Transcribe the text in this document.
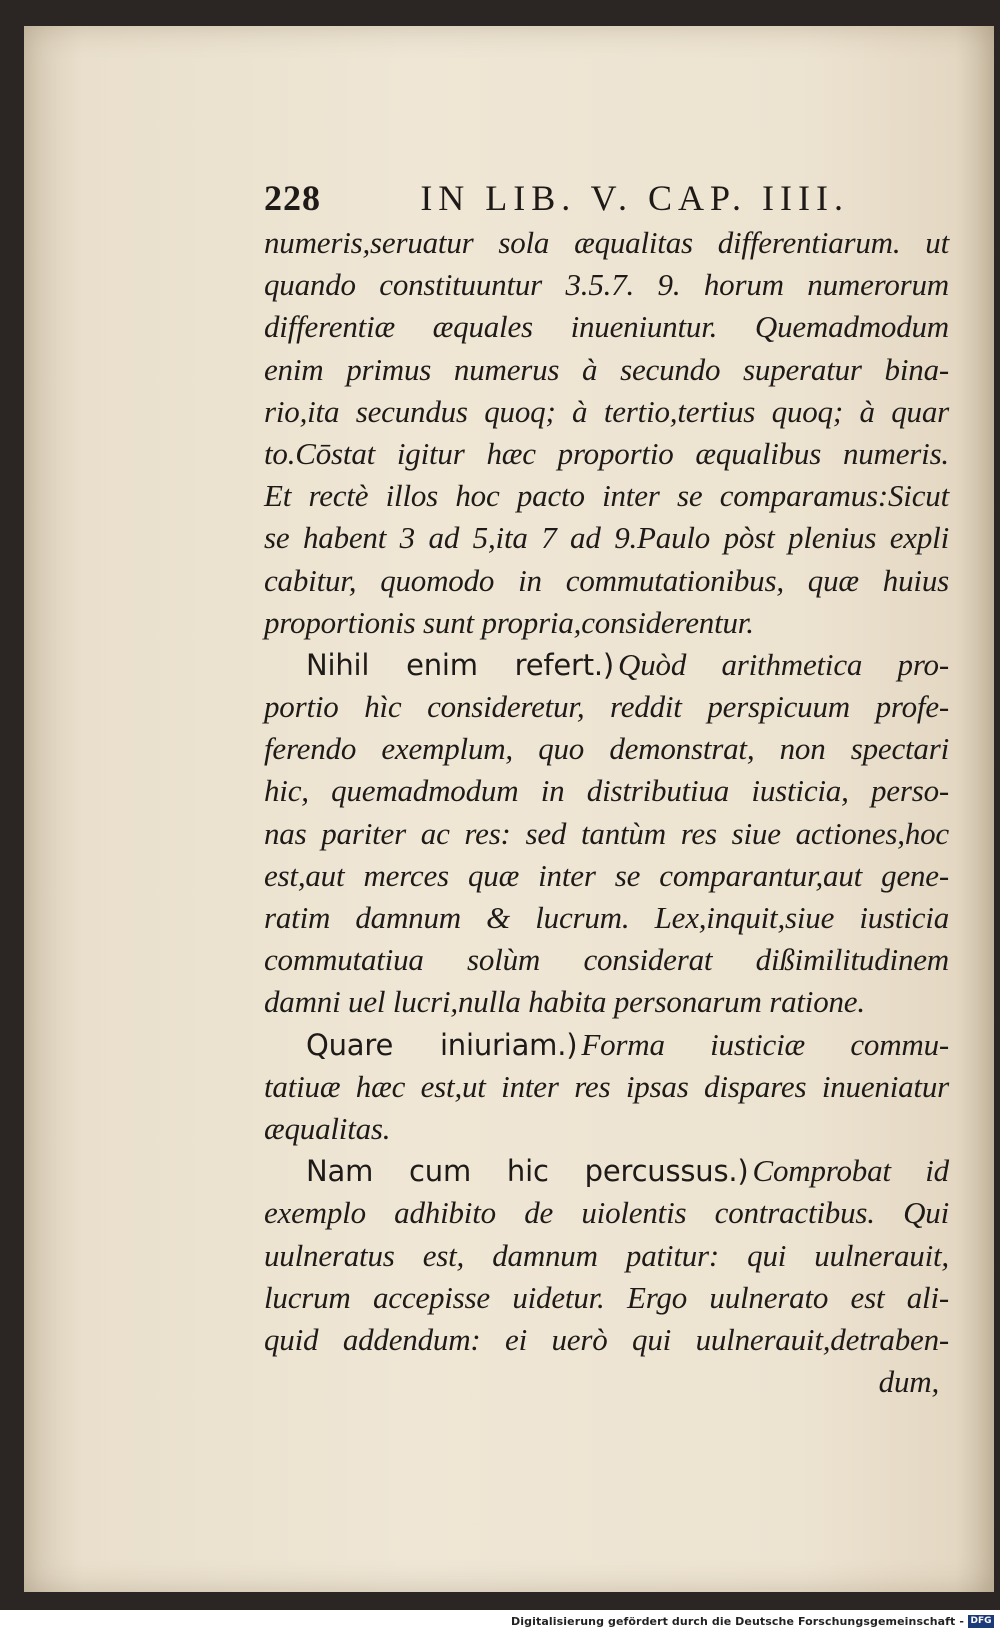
228	IN LIB. V. CAP. IIII.
numeris,seruatur sola æqualitas differentiarum. ut
quando constituuntur 3.5.7. 9. horum numerorum
differentiæ æquales inueniuntur. Quemadmodum
enim primus numerus à secundo superatur bina-
rio,ita secundus quoq; à tertio,tertius quoq; à quar
to.Cōstat igitur hæc proportio æqualibus numeris.
Et rectè illos hoc pacto inter se comparamus:Sicut
se habent 3 ad 5,ita 7 ad 9.Paulo pòst plenius expli
cabitur, quomodo in commutationibus, quæ huius
proportionis sunt propria,considerentur.
Nihil enim refert.) Quòd arithmetica pro-
portio hìc consideretur, reddit perspicuum profe-
ferendo exemplum, quo demonstrat, non spectari
hic, quemadmodum in distributiua iusticia, perso-
nas pariter ac res: sed tantùm res siue actiones,hoc
est,aut merces quæ inter se comparantur,aut gene-
ratim damnum & lucrum. Lex,inquit,siue iusticia
commutatiua solùm considerat dißimilitudinem
damni uel lucri,nulla habita personarum ratione.
Quare iniuriam.) Forma iusticiæ commu-
tatiuæ hæc est,ut inter res ipsas dispares inueniatur
æqualitas.
Nam cum hic percussus.) Comprobat id
exemplo adhibito de uiolentis contractibus. Qui
uulneratus est, damnum patitur: qui uulnerauit,
lucrum accepisse uidetur. Ergo uulnerato est ali-
quid addendum: ei uerò qui uulnerauit,detraben-
dum,
Digitalisierung gefördert durch die Deutsche Forschungsgemeinschaft - DFG
